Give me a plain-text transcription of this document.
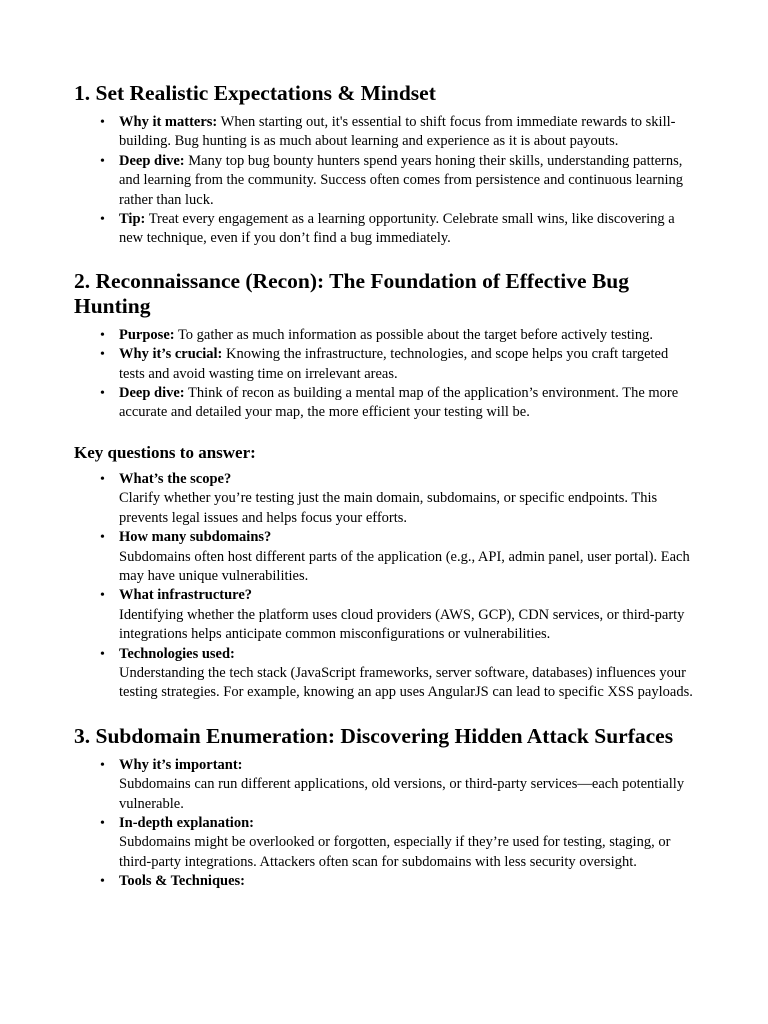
1. Set Realistic Expectations & Mindset
• Why it matters: When starting out, it's essential to shift focus from immediate rewards to skill-building. Bug hunting is as much about learning and experience as it is about payouts.
• Deep dive: Many top bug bounty hunters spend years honing their skills, understanding patterns, and learning from the community. Success often comes from persistence and continuous learning rather than luck.
• Tip: Treat every engagement as a learning opportunity. Celebrate small wins, like discovering a new technique, even if you don’t find a bug immediately.
2. Reconnaissance (Recon): The Foundation of Effective Bug Hunting
• Purpose: To gather as much information as possible about the target before actively testing.
• Why it’s crucial: Knowing the infrastructure, technologies, and scope helps you craft targeted tests and avoid wasting time on irrelevant areas.
• Deep dive: Think of recon as building a mental map of the application’s environment. The more accurate and detailed your map, the more efficient your testing will be.
Key questions to answer:
• What’s the scope?
Clarify whether you’re testing just the main domain, subdomains, or specific endpoints. This prevents legal issues and helps focus your efforts.
• How many subdomains?
Subdomains often host different parts of the application (e.g., API, admin panel, user portal). Each may have unique vulnerabilities.
• What infrastructure?
Identifying whether the platform uses cloud providers (AWS, GCP), CDN services, or third-party integrations helps anticipate common misconfigurations or vulnerabilities.
• Technologies used:
Understanding the tech stack (JavaScript frameworks, server software, databases) influences your testing strategies. For example, knowing an app uses AngularJS can lead to specific XSS payloads.
3. Subdomain Enumeration: Discovering Hidden Attack Surfaces
• Why it’s important:
Subdomains can run different applications, old versions, or third-party services—each potentially vulnerable.
• In-depth explanation:
Subdomains might be overlooked or forgotten, especially if they’re used for testing, staging, or third-party integrations. Attackers often scan for subdomains with less security oversight.
• Tools & Techniques:
